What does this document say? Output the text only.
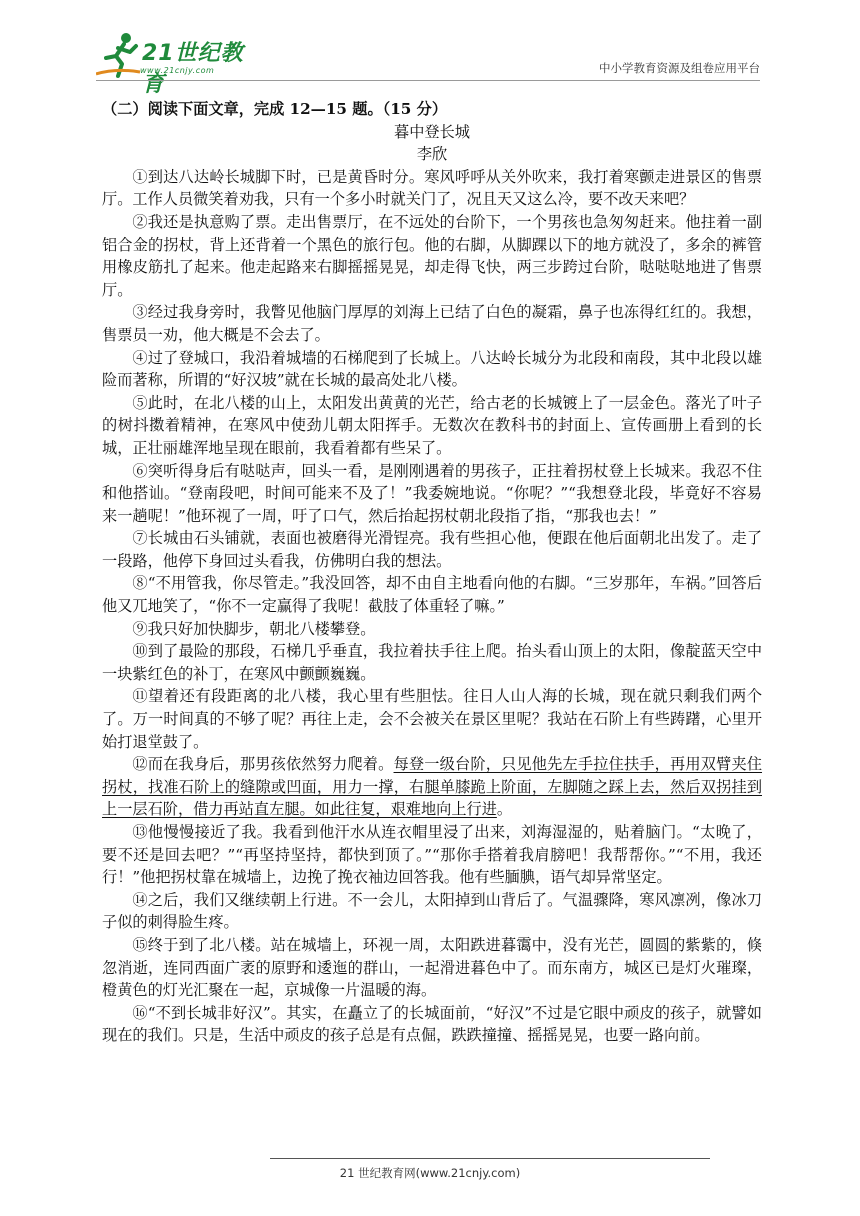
21世纪教育
www.21cnjy.com	中小学教育资源及组卷应用平台

（二）阅读下面文章，完成 12—15 题。（15 分）

暮中登长城

李欣

①到达八达岭长城脚下时，已是黄昏时分。寒风呼呼从关外吹来，我打着寒颤走进景区的售票厅。工作人员微笑着劝我，只有一个多小时就关门了，况且天又这么冷，要不改天来吧？

②我还是执意购了票。走出售票厅，在不远处的台阶下，一个男孩也急匆匆赶来。他拄着一副铝合金的拐杖，背上还背着一个黑色的旅行包。他的右脚，从脚踝以下的地方就没了，多余的裤管用橡皮筋扎了起来。他走起路来右脚摇摇晃晃，却走得飞快，两三步跨过台阶，哒哒哒地进了售票厅。

③经过我身旁时，我瞥见他脑门厚厚的刘海上已结了白色的凝霜，鼻子也冻得红红的。我想，售票员一劝，他大概是不会去了。

④过了登城口，我沿着城墙的石梯爬到了长城上。八达岭长城分为北段和南段，其中北段以雄险而著称，所谓的“好汉坡”就在长城的最高处北八楼。

⑤此时，在北八楼的山上，太阳发出黄黄的光芒，给古老的长城镀上了一层金色。落光了叶子的树抖擞着精神，在寒风中使劲儿朝太阳挥手。无数次在教科书的封面上、宣传画册上看到的长城，正壮丽雄浑地呈现在眼前，我看着都有些呆了。

⑥突听得身后有哒哒声，回头一看，是刚刚遇着的男孩子，正拄着拐杖登上长城来。我忍不住和他搭讪。“登南段吧，时间可能来不及了！”我委婉地说。“你呢？”“我想登北段，毕竟好不容易来一趟呢！”他环视了一周，吁了口气，然后抬起拐杖朝北段指了指，“那我也去！”

⑦长城由石头铺就，表面也被磨得光滑锃亮。我有些担心他，便跟在他后面朝北出发了。走了一段路，他停下身回过头看我，仿佛明白我的想法。

⑧“不用管我，你尽管走。”我没回答，却不由自主地看向他的右脚。“三岁那年，车祸。”回答后他又兀地笑了，“你不一定赢得了我呢！截肢了体重轻了嘛。”

⑨我只好加快脚步，朝北八楼攀登。

⑩到了最险的那段，石梯几乎垂直，我拉着扶手往上爬。抬头看山顶上的太阳，像靛蓝天空中一块紫红色的补丁，在寒风中颤颤巍巍。

⑪望着还有段距离的北八楼，我心里有些胆怯。往日人山人海的长城，现在就只剩我们两个了。万一时间真的不够了呢？再往上走，会不会被关在景区里呢？我站在石阶上有些踌躇，心里开始打退堂鼓了。

⑫而在我身后，那男孩依然努力爬着。每登一级台阶，只见他先左手拉住扶手，再用双臂夹住拐杖，找准石阶上的缝隙或凹面，用力一撑，右腿单膝跪上阶面，左脚随之踩上去，然后双拐挂到上一层石阶，借力再站直左腿。如此往复，艰难地向上行进。

⑬他慢慢接近了我。我看到他汗水从连衣帽里浸了出来，刘海湿湿的，贴着脑门。“太晚了，要不还是回去吧？”“再坚持坚持，都快到顶了。”“那你手搭着我肩膀吧！我帮帮你。”“不用，我还行！”他把拐杖靠在城墙上，边挽了挽衣袖边回答我。他有些腼腆，语气却异常坚定。

⑭之后，我们又继续朝上行进。不一会儿，太阳掉到山背后了。气温骤降，寒风凛冽，像冰刀子似的刺得脸生疼。

⑮终于到了北八楼。站在城墙上，环视一周，太阳跌进暮霭中，没有光芒，圆圆的紫紫的，倏忽消逝，连同西面广袤的原野和逶迤的群山，一起滑进暮色中了。而东南方，城区已是灯火璀璨，橙黄色的灯光汇聚在一起，京城像一片温暖的海。

⑯“不到长城非好汉”。其实，在矗立了的长城面前，“好汉”不过是它眼中顽皮的孩子，就譬如现在的我们。只是，生活中顽皮的孩子总是有点倔，跌跌撞撞、摇摇晃晃，也要一路向前。

21 世纪教育网(www.21cnjy.com)
